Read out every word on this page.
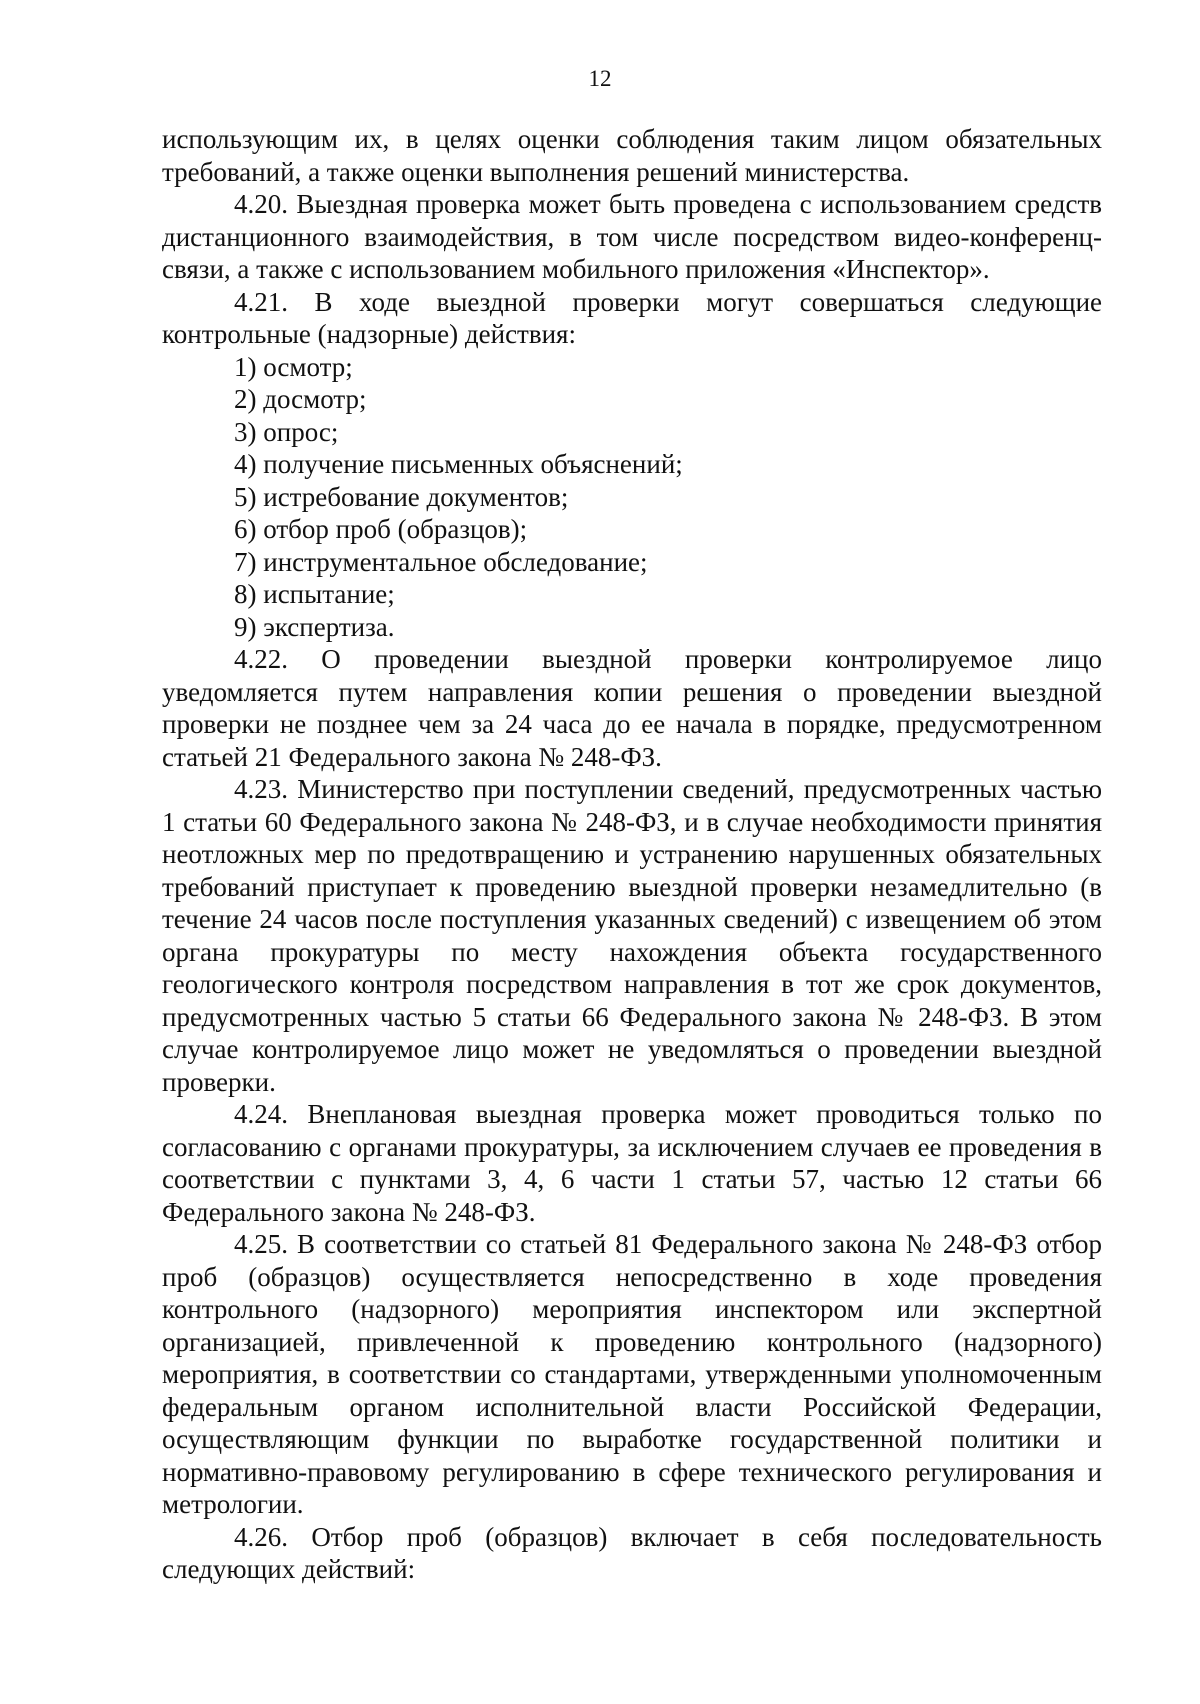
12

использующим их, в целях оценки соблюдения таким лицом обязательных требований, а также оценки выполнения решений министерства.

4.20. Выездная проверка может быть проведена с использованием средств дистанционного взаимодействия, в том числе посредством видео-конференц-связи, а также с использованием мобильного приложения «Инспектор».

4.21. В ходе выездной проверки могут совершаться следующие контрольные (надзорные) действия:

1) осмотр;
2) досмотр;
3) опрос;
4) получение письменных объяснений;
5) истребование документов;
6) отбор проб (образцов);
7) инструментальное обследование;
8) испытание;
9) экспертиза.

4.22. О проведении выездной проверки контролируемое лицо уведомляется путем направления копии решения о проведении выездной проверки не позднее чем за 24 часа до ее начала в порядке, предусмотренном статьей 21 Федерального закона № 248-ФЗ.

4.23. Министерство при поступлении сведений, предусмотренных частью 1 статьи 60 Федерального закона № 248-ФЗ, и в случае необходимости принятия неотложных мер по предотвращению и устранению нарушенных обязательных требований приступает к проведению выездной проверки незамедлительно (в течение 24 часов после поступления указанных сведений) с извещением об этом органа прокуратуры по месту нахождения объекта государственного геологического контроля посредством направления в тот же срок документов, предусмотренных частью 5 статьи 66 Федерального закона № 248-ФЗ. В этом случае контролируемое лицо может не уведомляться о проведении выездной проверки.

4.24. Внеплановая выездная проверка может проводиться только по согласованию с органами прокуратуры, за исключением случаев ее проведения в соответствии с пунктами 3, 4, 6 части 1 статьи 57, частью 12 статьи 66 Федерального закона № 248-ФЗ.

4.25. В соответствии со статьей 81 Федерального закона № 248-ФЗ отбор проб (образцов) осуществляется непосредственно в ходе проведения контрольного (надзорного) мероприятия инспектором или экспертной организацией, привлеченной к проведению контрольного (надзорного) мероприятия, в соответствии со стандартами, утвержденными уполномоченным федеральным органом исполнительной власти Российской Федерации, осуществляющим функции по выработке государственной политики и нормативно-правовому регулированию в сфере технического регулирования и метрологии.

4.26. Отбор проб (образцов) включает в себя последовательность следующих действий:
